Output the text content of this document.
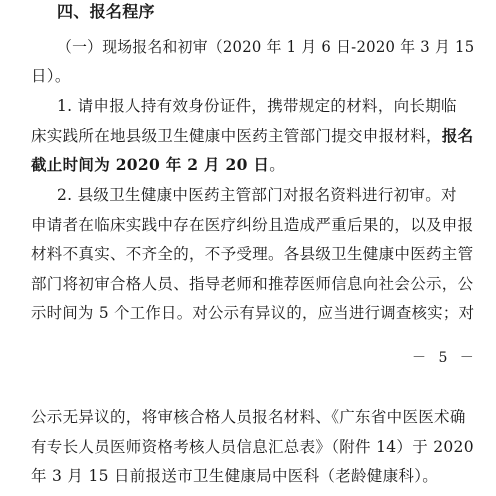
四、报名程序
（一）现场报名和初审（2020 年 1 月 6 日-2020 年 3 月 15
日）。
1. 请申报人持有效身份证件，携带规定的材料，向长期临
床实践所在地县级卫生健康中医药主管部门提交申报材料，报名
截止时间为 2020 年 2 月 20 日。
2. 县级卫生健康中医药主管部门对报名资料进行初审。对
申请者在临床实践中存在医疗纠纷且造成严重后果的，以及申报
材料不真实、不齐全的，不予受理。各县级卫生健康中医药主管
部门将初审合格人员、指导老师和推荐医师信息向社会公示，公
示时间为 5 个工作日。对公示有异议的，应当进行调查核实；对
－ 5 －
公示无异议的，将审核合格人员报名材料、《广东省中医医术确
有专长人员医师资格考核人员信息汇总表》（附件 14）于 2020
年 3 月 15 日前报送市卫生健康局中医科（老龄健康科）。
